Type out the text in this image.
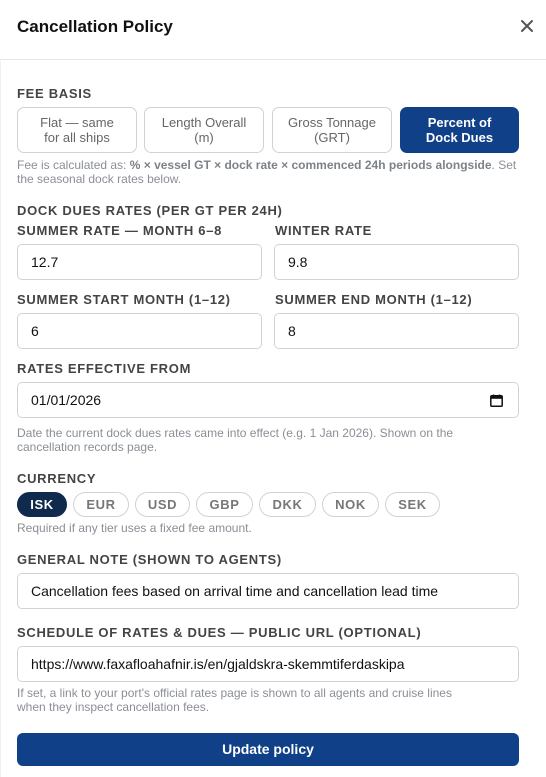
Cancellation Policy
FEE BASIS
Flat — same
for all ships
Length Overall
(m)
Gross Tonnage
(GRT)
Percent of
Dock Dues
Fee is calculated as: % × vessel GT × dock rate × commenced 24h periods alongside. Set the seasonal dock rates below.
DOCK DUES RATES (PER GT PER 24H)
SUMMER RATE — MONTH 6–8	WINTER RATE
12.7	9.8
SUMMER START MONTH (1–12)	SUMMER END MONTH (1–12)
6	8
RATES EFFECTIVE FROM
01/01/2026
Date the current dock dues rates came into effect (e.g. 1 Jan 2026). Shown on the
cancellation records page.
CURRENCY
ISK	EUR	USD	GBP	DKK	NOK	SEK
Required if any tier uses a fixed fee amount.
GENERAL NOTE (SHOWN TO AGENTS)
Cancellation fees based on arrival time and cancellation lead time
SCHEDULE OF RATES & DUES — PUBLIC URL (OPTIONAL)
https://www.faxafloahafnir.is/en/gjaldskra-skemmtiferdaskipa
If set, a link to your port's official rates page is shown to all agents and cruise lines
when they inspect cancellation fees.
Update policy
